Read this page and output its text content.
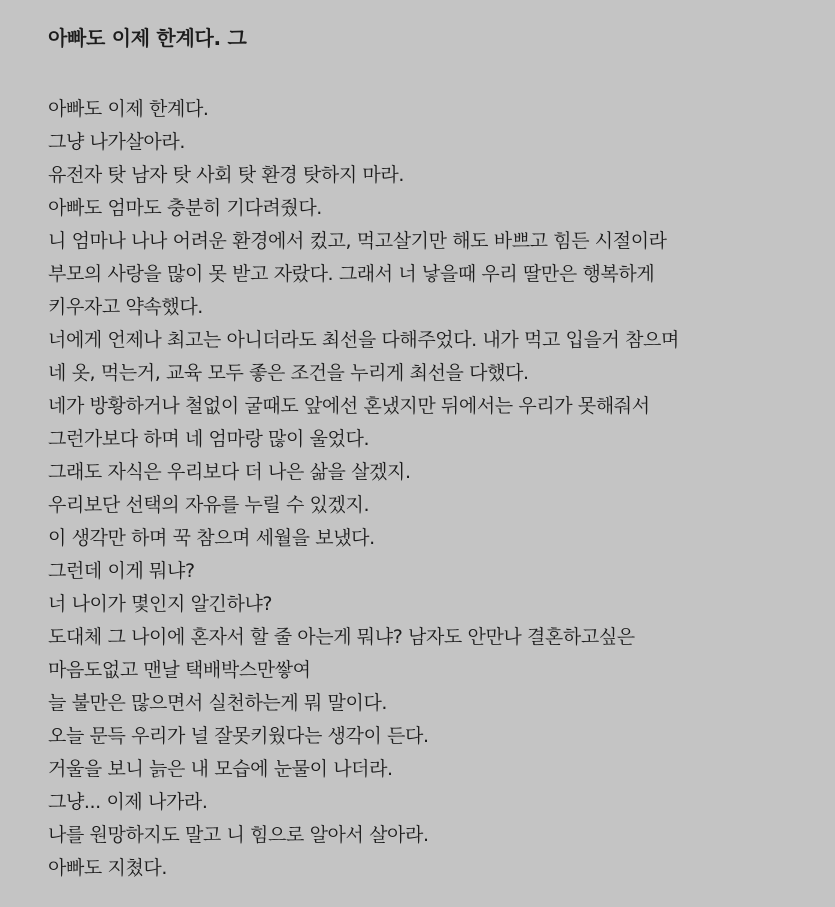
아빠도 이제 한계다. 그
아빠도 이제 한계다.
그냥 나가살아라.
유전자 탓 남자 탓 사회 탓 환경 탓하지 마라.
아빠도 엄마도 충분히 기다려줬다.
니 엄마나 나나 어려운 환경에서 컸고, 먹고살기만 해도 바쁘고 힘든 시절이라
부모의 사랑을 많이 못 받고 자랐다. 그래서 너 낳을때 우리 딸만은 행복하게
키우자고 약속했다.
너에게 언제나 최고는 아니더라도 최선을 다해주었다. 내가 먹고 입을거 참으며
네 옷, 먹는거, 교육 모두 좋은 조건을 누리게 최선을 다했다.
네가 방황하거나 철없이 굴때도 앞에선 혼냈지만 뒤에서는 우리가 못해줘서
그런가보다 하며 네 엄마랑 많이 울었다.
그래도 자식은 우리보다 더 나은 삶을 살겠지.
우리보단 선택의 자유를 누릴 수 있겠지.
이 생각만 하며 꾹 참으며 세월을 보냈다.
그런데 이게 뭐냐?
너 나이가 몇인지 알긴하냐?
도대체 그 나이에 혼자서 할 줄 아는게 뭐냐? 남자도 안만나 결혼하고싶은
마음도없고 맨날 택배박스만쌓여
늘 불만은 많으면서 실천하는게 뭐 말이다.
오늘 문득 우리가 널 잘못키웠다는 생각이 든다.
거울을 보니 늙은 내 모습에 눈물이 나더라.
그냥... 이제 나가라.
나를 원망하지도 말고 니 힘으로 알아서 살아라.
아빠도 지쳤다.
